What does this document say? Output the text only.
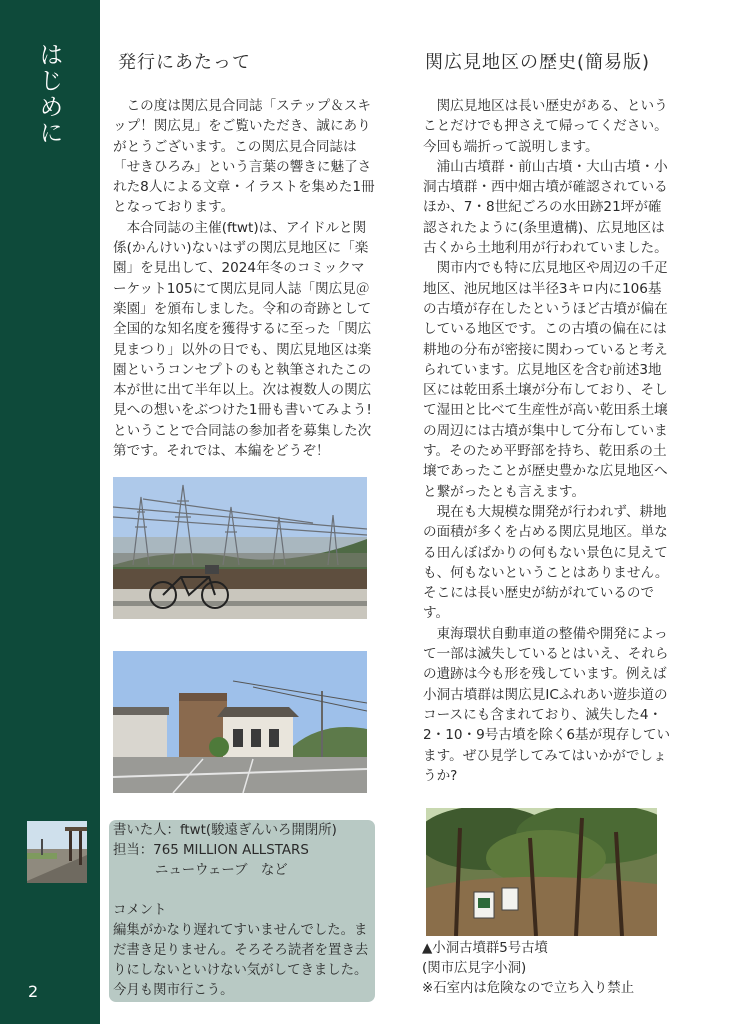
はじめに
2
発行にあたって

この度は関広見合同誌「ステップ＆スキップ！関広見」をご覧いただき、誠にありがとうございます。この関広見合同誌は「せきひろみ」という言葉の響きに魅了された8人による文章・イラストを集めた1冊となっております。

本合同誌の主催(ftwt)は、アイドルと関係(かんけい)ないはずの関広見地区に「楽園」を見出して、2024年冬のコミックマーケット105にて関広見同人誌「関広見＠楽園」を頒布しました。令和の奇跡として全国的な知名度を獲得するに至った「関広見まつり」以外の日でも、関広見地区は楽園というコンセプトのもと執筆されたこの本が世に出て半年以上。次は複数人の関広見への想いをぶつけた1冊も書いてみよう!ということで合同誌の参加者を募集した次第です。それでは、本編をどうぞ！

書いた人：ftwt(駿遠ぎんいろ開閉所)
担当：765 MILLION ALLSTARS
ニューウェーブ　など
コメント
編集がかなり遅れてすいませんでした。まだ書き足りません。そろそろ読者を置き去りにしないといけない気がしてきました。今月も関市行こう。
関広見地区の歴史(簡易版)

関広見地区は長い歴史がある、ということだけでも押さえて帰ってください。今回も端折って説明します。

浦山古墳群・前山古墳・大山古墳・小洞古墳群・西中畑古墳が確認されているほか、7・8世紀ごろの水田跡21坪が確認されたように(条里遺構)、広見地区は古くから土地利用が行われていました。

関市内でも特に広見地区や周辺の千疋地区、池尻地区は半径3キロ内に106基の古墳が存在したというほど古墳が偏在している地区です。この古墳の偏在には耕地の分布が密接に関わっていると考えられています。広見地区を含む前述3地区には乾田系土壌が分布しており、そして湿田と比べて生産性が高い乾田系土壌の周辺には古墳が集中して分布しています。そのため平野部を持ち、乾田系の土壌であったことが歴史豊かな広見地区へと繋がったとも言えます。

現在も大規模な開発が行われず、耕地の面積が多くを占める関広見地区。単なる田んぼばかりの何もない景色に見えても、何もないということはありません。そこには長い歴史が紡がれているのです。

東海環状自動車道の整備や開発によって一部は滅失しているとはいえ、それらの遺跡は今も形を残しています。例えば小洞古墳群は関広見ICふれあい遊歩道のコースにも含まれており、滅失した4・2・10・9号古墳を除く6基が現存しています。ぜひ見学してみてはいかがでしょうか?

▲小洞古墳群5号古墳
(関市広見字小洞)
※石室内は危険なので立ち入り禁止
